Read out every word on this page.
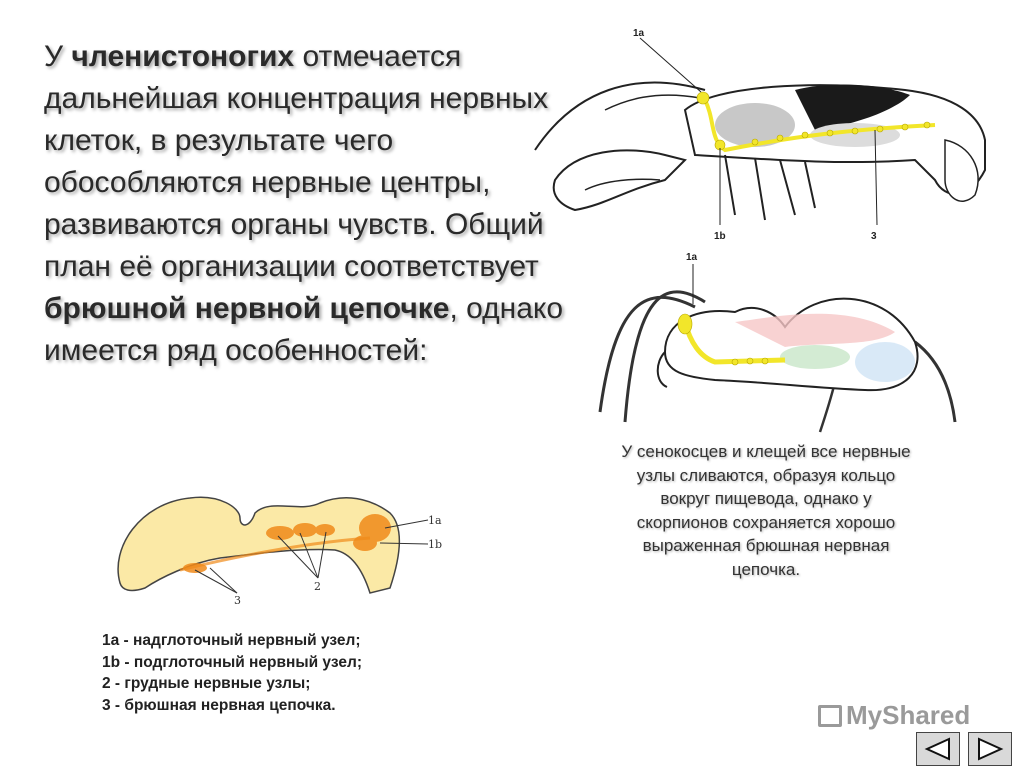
У членистоногих отмечается дальнейшая концентрация нервных клеток, в результате чего обособляются нервные центры, развиваются органы чувств. Общий план её организации соответствует брюшной нервной цепочке, однако имеется ряд особенностей:
1a
1b	3
1a
1a
1b
2
3
1a - надглоточный нервный узел;
1b - подглоточный нервный узел;
2 - грудные нервные узлы;
3 - брюшная нервная цепочка.
У сенокосцев и клещей все нервные узлы сливаются, образуя кольцо вокруг пищевода, однако у скорпионов сохраняется хорошо выраженная брюшная нервная цепочка.
MyShared
